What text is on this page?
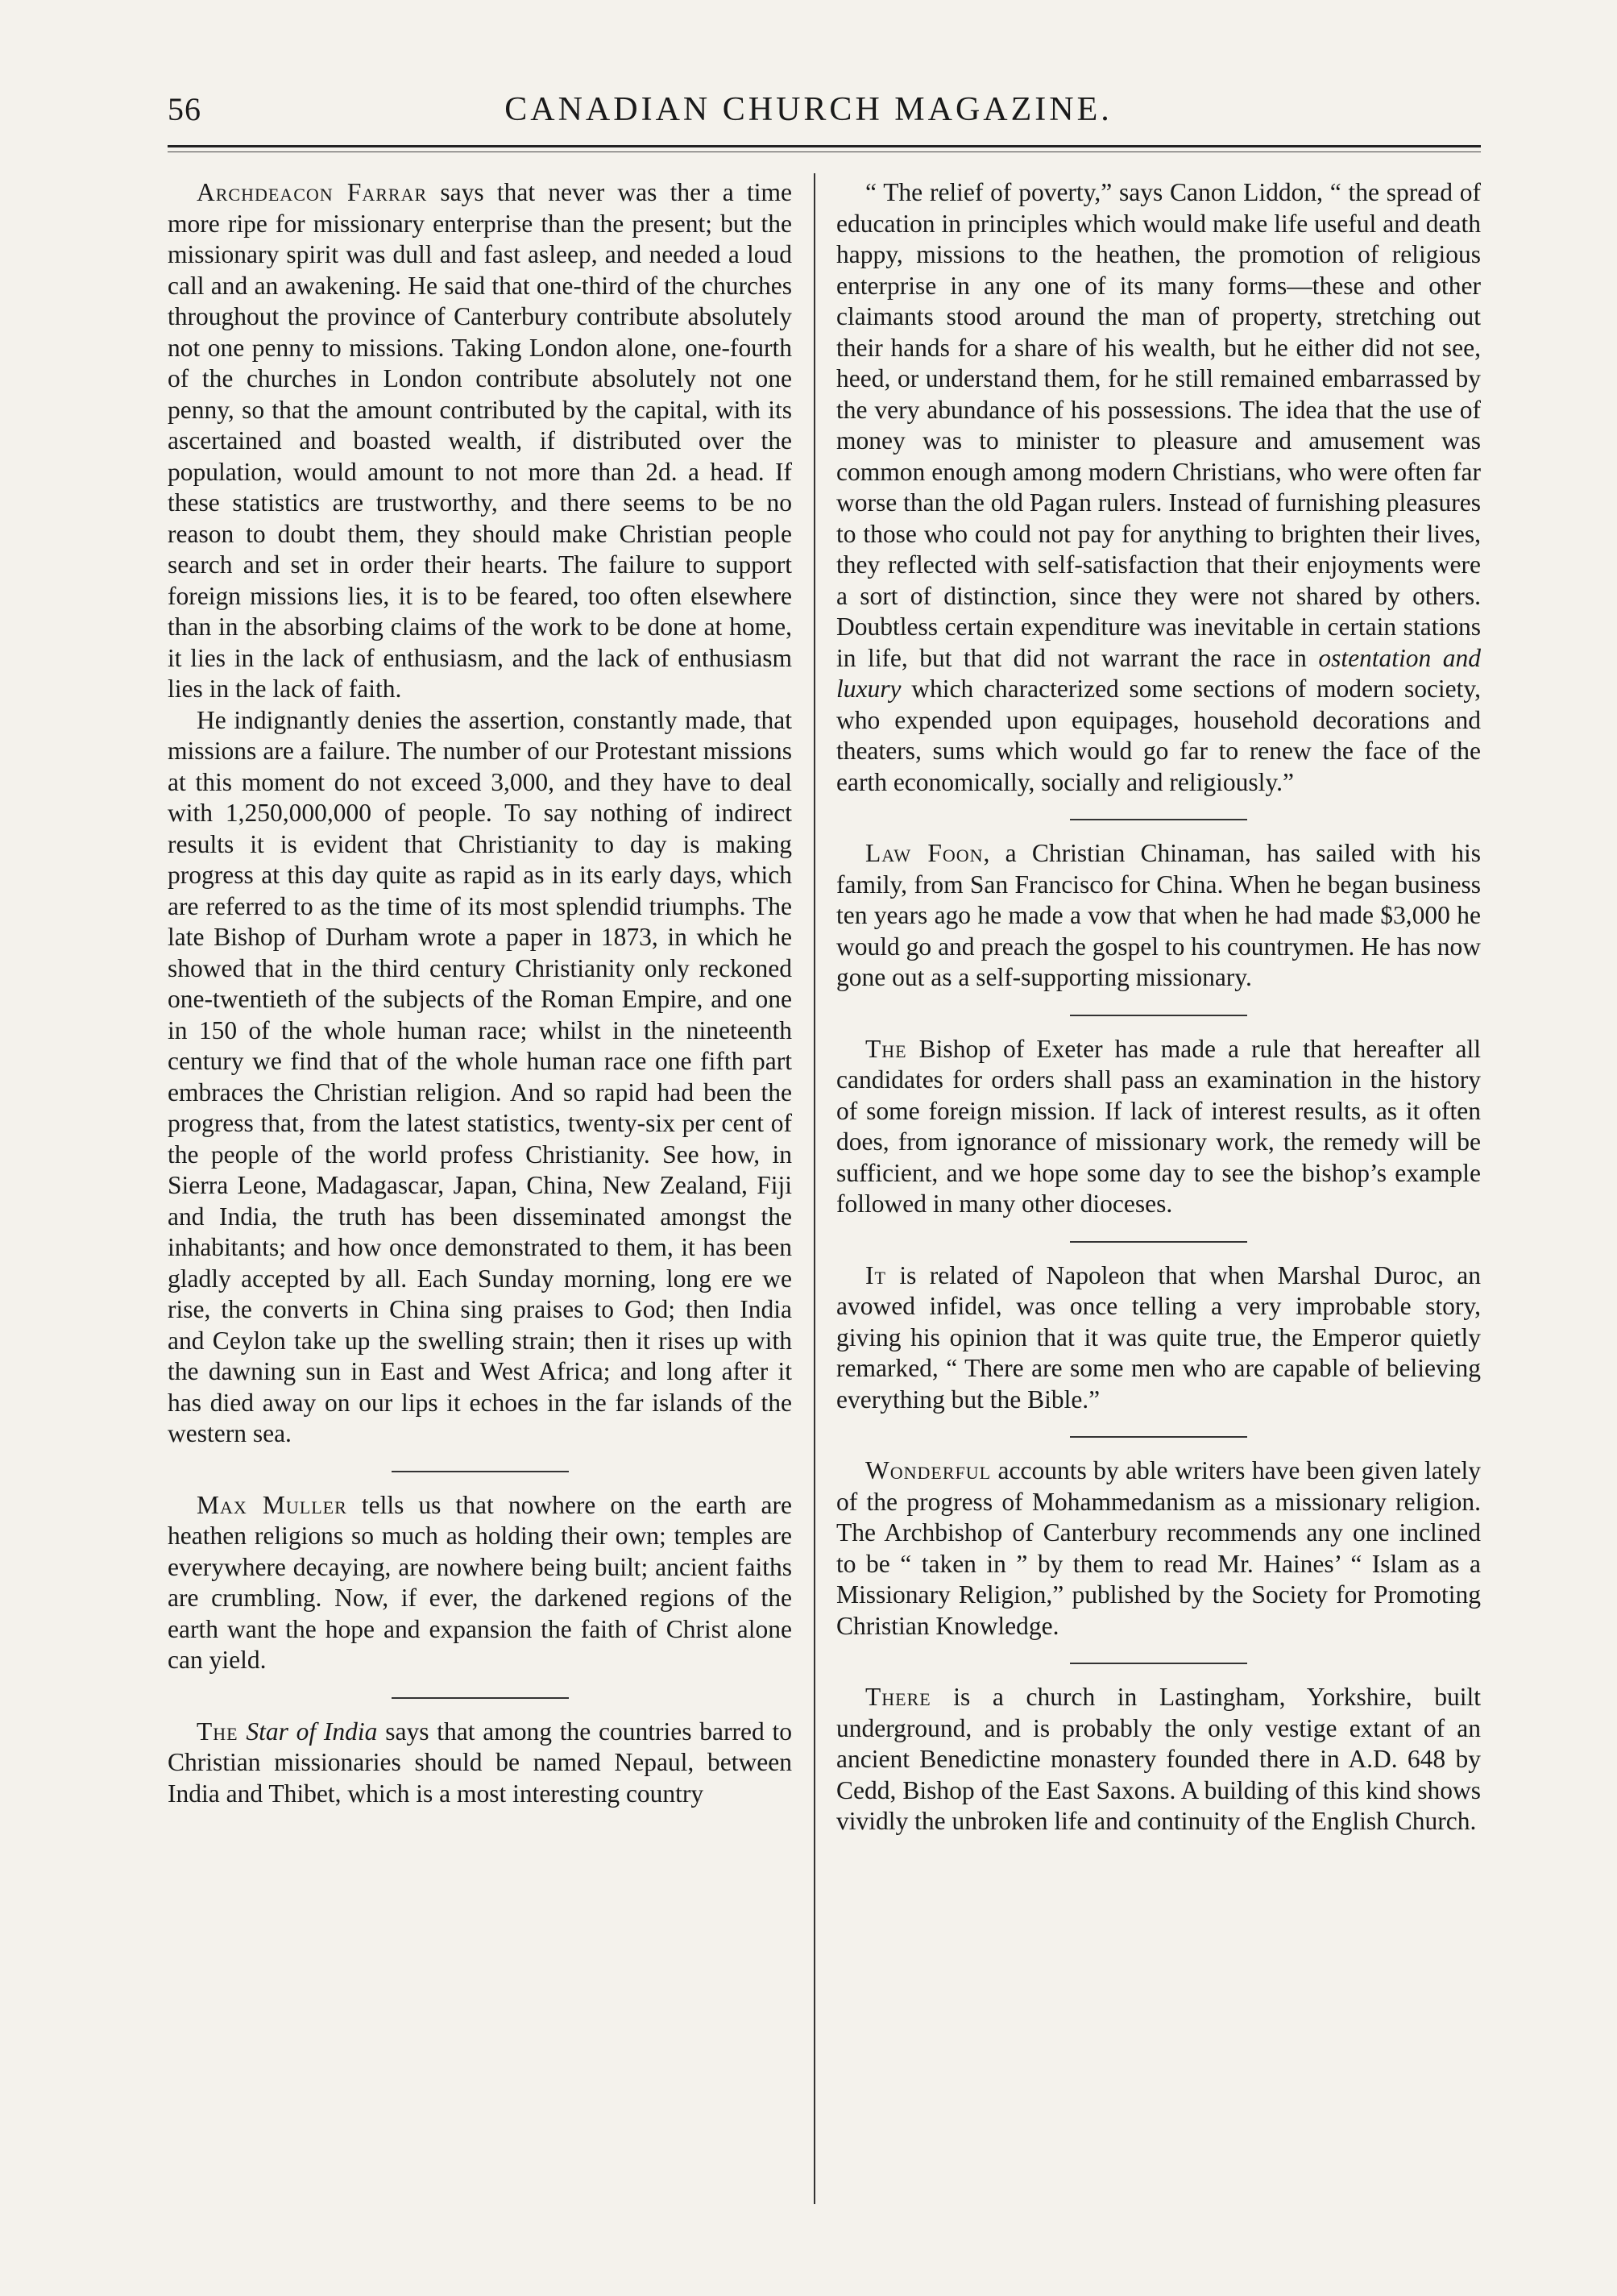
56	CANADIAN CHURCH MAGAZINE.

Archdeacon Farrar says that never was ther a time more ripe for missionary enterprise than the present; but the missionary spirit was dull and fast asleep, and needed a loud call and an awakening. He said that one-third of the churches throughout the province of Canterbury contribute absolutely not one penny to missions. Taking London alone, one-fourth of the churches in London contribute absolutely not one penny, so that the amount contributed by the capital, with its ascertained and boasted wealth, if distributed over the population, would amount to not more than 2d. a head. If these statistics are trustworthy, and there seems to be no reason to doubt them, they should make Christian people search and set in order their hearts. The failure to support foreign missions lies, it is to be feared, too often elsewhere than in the absorbing claims of the work to be done at home, it lies in the lack of enthusiasm, and the lack of enthusiasm lies in the lack of faith.

He indignantly denies the assertion, constantly made, that missions are a failure. The number of our Protestant missions at this moment do not exceed 3,000, and they have to deal with 1,250,000,000 of people. To say nothing of indirect results it is evident that Christianity to day is making progress at this day quite as rapid as in its early days, which are referred to as the time of its most splendid triumphs. The late Bishop of Durham wrote a paper in 1873, in which he showed that in the third century Christianity only reckoned one-twentieth of the subjects of the Roman Empire, and one in 150 of the whole human race; whilst in the nineteenth century we find that of the whole human race one fifth part embraces the Christian religion. And so rapid had been the progress that, from the latest statistics, twenty-six per cent of the people of the world profess Christianity. See how, in Sierra Leone, Madagascar, Japan, China, New Zealand, Fiji and India, the truth has been disseminated amongst the inhabitants; and how once demonstrated to them, it has been gladly accepted by all. Each Sunday morning, long ere we rise, the converts in China sing praises to God; then India and Ceylon take up the swelling strain; then it rises up with the dawning sun in East and West Africa; and long after it has died away on our lips it echoes in the far islands of the western sea.

Max Muller tells us that nowhere on the earth are heathen religions so much as holding their own; temples are everywhere decaying, are nowhere being built; ancient faiths are crumbling. Now, if ever, the darkened regions of the earth want the hope and expansion the faith of Christ alone can yield.

The Star of India says that among the countries barred to Christian missionaries should be named Nepaul, between India and Thibet, which is a most interesting country

“ The relief of poverty,” says Canon Liddon, “ the spread of education in principles which would make life useful and death happy, missions to the heathen, the promotion of religious enterprise in any one of its many forms—these and other claimants stood around the man of property, stretching out their hands for a share of his wealth, but he either did not see, heed, or understand them, for he still remained embarrassed by the very abundance of his possessions. The idea that the use of money was to minister to pleasure and amusement was common enough among modern Christians, who were often far worse than the old Pagan rulers. Instead of furnishing pleasures to those who could not pay for anything to brighten their lives, they reflected with self-satisfaction that their enjoyments were a sort of distinction, since they were not shared by others. Doubtless certain expenditure was inevitable in certain stations in life, but that did not warrant the race in ostentation and luxury which characterized some sections of modern society, who expended upon equipages, household decorations and theaters, sums which would go far to renew the face of the earth economically, socially and religiously.”

Law Foon, a Christian Chinaman, has sailed with his family, from San Francisco for China. When he began business ten years ago he made a vow that when he had made $3,000 he would go and preach the gospel to his countrymen. He has now gone out as a self-supporting missionary.

The Bishop of Exeter has made a rule that hereafter all candidates for orders shall pass an examination in the history of some foreign mission. If lack of interest results, as it often does, from ignorance of missionary work, the remedy will be sufficient, and we hope some day to see the bishop’s example followed in many other dioceses.

It is related of Napoleon that when Marshal Duroc, an avowed infidel, was once telling a very improbable story, giving his opinion that it was quite true, the Emperor quietly remarked, “ There are some men who are capable of believing everything but the Bible.”

Wonderful accounts by able writers have been given lately of the progress of Mohammedanism as a missionary religion. The Archbishop of Canterbury recommends any one inclined to be “ taken in ” by them to read Mr. Haines’ “ Islam as a Missionary Religion,” published by the Society for Promoting Christian Knowledge.

There is a church in Lastingham, Yorkshire, built underground, and is probably the only vestige extant of an ancient Benedictine monastery founded there in A.D. 648 by Cedd, Bishop of the East Saxons. A building of this kind shows vividly the unbroken life and continuity of the English Church.
